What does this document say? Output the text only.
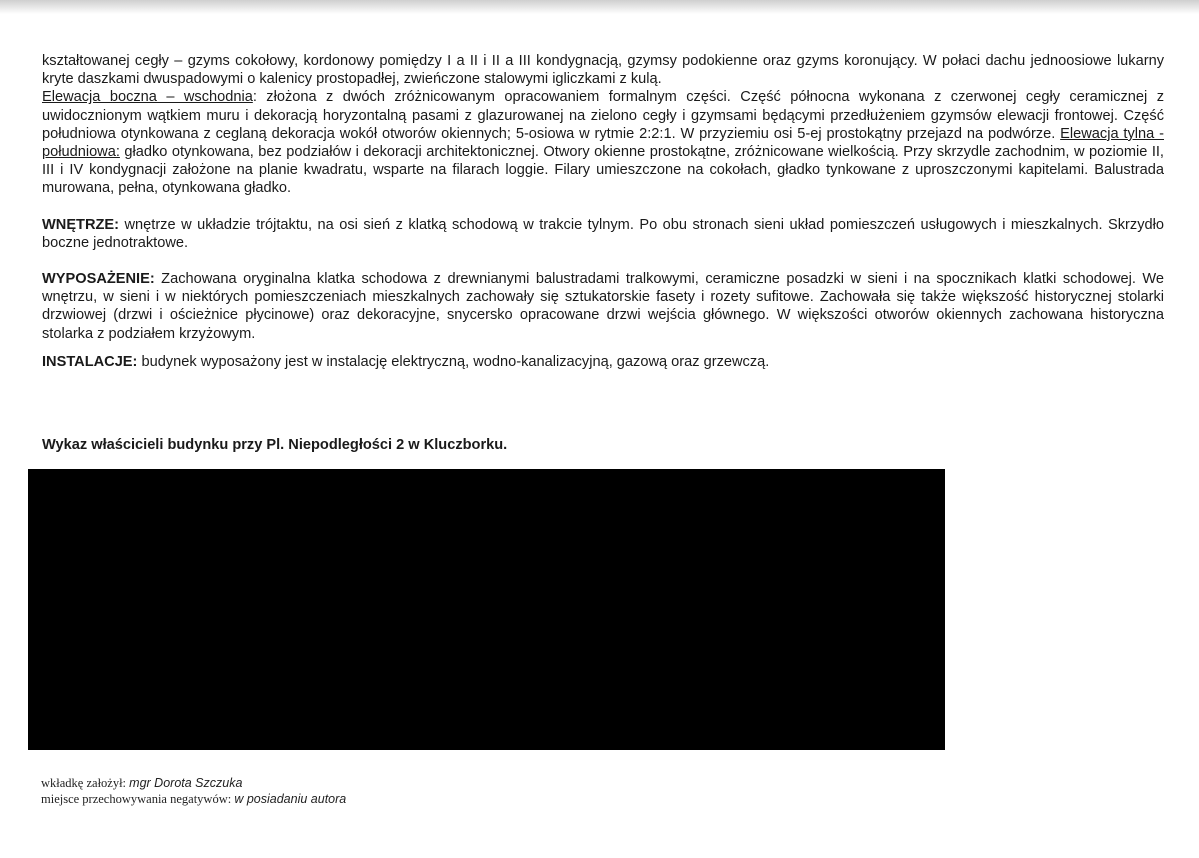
kształtowanej cegły – gzyms cokołowy, kordonowy pomiędzy I a II i II a III kondygnacją, gzymsy podokienne oraz gzyms koronujący. W połaci dachu jednoosiowe lukarny kryte daszkami dwuspadowymi o kalenicy prostopadłej, zwieńczone stalowymi igliczkami z kulą.

Elewacja boczna – wschodnia: złożona z dwóch zróżnicowanym opracowaniem formalnym części. Część północna wykonana z czerwonej cegły ceramicznej z uwidocznionym wątkiem muru i dekoracją horyzontalną pasami z glazurowanej na zielono cegły i gzymsami będącymi przedłużeniem gzymsów elewacji frontowej. Część południowa otynkowana z ceglaną dekoracja wokół otworów okiennych; 5-osiowa w rytmie 2:2:1. W przyziemiu osi 5-ej prostokątny przejazd na podwórze. Elewacja tylna - południowa: gładko otynkowana, bez podziałów i dekoracji architektonicznej. Otwory okienne prostokątne, zróżnicowane wielkością. Przy skrzydle zachodnim, w poziomie II, III i IV kondygnacji założone na planie kwadratu, wsparte na filarach loggie. Filary umieszczone na cokołach, gładko tynkowane z uproszczonymi kapitelami. Balustrada murowana, pełna, otynkowana gładko.

WNĘTRZE: wnętrze w układzie trójtaktu, na osi sień z klatką schodową w trakcie tylnym. Po obu stronach sieni układ pomieszczeń usługowych i mieszkalnych. Skrzydło boczne jednotraktowe.

WYPOSAŻENIE: Zachowana oryginalna klatka schodowa z drewnianymi balustradami tralkowymi, ceramiczne posadzki w sieni i na spocznikach klatki schodowej. We wnętrzu, w sieni i w niektórych pomieszczeniach mieszkalnych zachowały się sztukatorskie fasety i rozety sufitowe. Zachowała się także większość historycznej stolarki drzwiowej (drzwi i ościeżnice płycinowe) oraz dekoracyjne, snycersko opracowane drzwi wejścia głównego. W większości otworów okiennych zachowana historyczna stolarka z podziałem krzyżowym.

INSTALACJE: budynek wyposażony jest w instalację elektryczną, wodno-kanalizacyjną, gazową oraz grzewczą.

Wykaz właścicieli budynku przy Pl. Niepodległości 2 w Kluczborku.

wkładkę założył: mgr Dorota Szczuka
miejsce przechowywania negatywów: w posiadaniu autora
